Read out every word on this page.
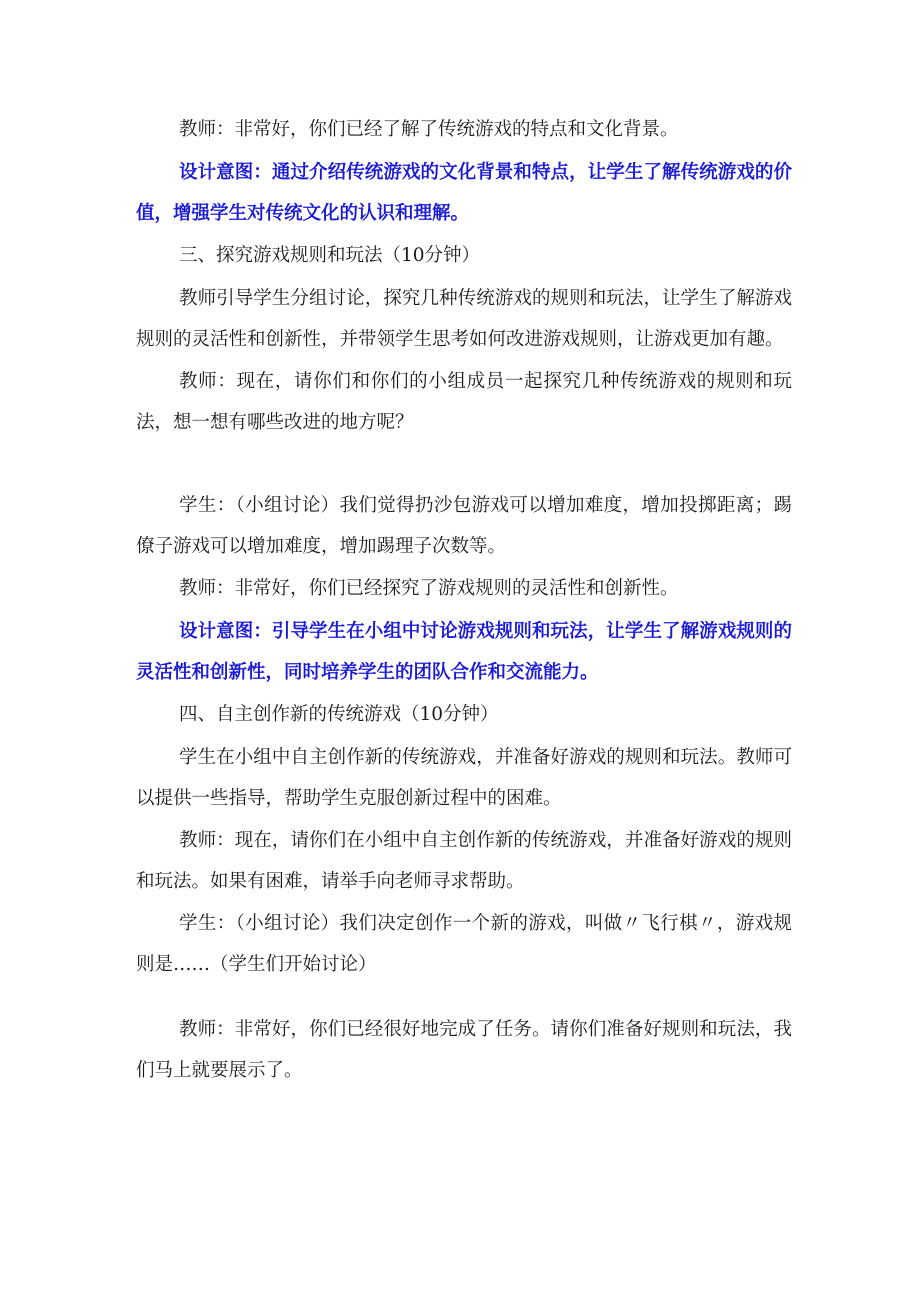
教师：非常好，你们已经了解了传统游戏的特点和文化背景。

设计意图：通过介绍传统游戏的文化背景和特点，让学生了解传统游戏的价值，增强学生对传统文化的认识和理解。

三、探究游戏规则和玩法（10分钟）

教师引导学生分组讨论，探究几种传统游戏的规则和玩法，让学生了解游戏规则的灵活性和创新性，并带领学生思考如何改进游戏规则，让游戏更加有趣。

教师：现在，请你们和你们的小组成员一起探究几种传统游戏的规则和玩法，想一想有哪些改进的地方呢？

学生：（小组讨论）我们觉得扔沙包游戏可以增加难度，增加投掷距离；踢僚子游戏可以增加难度，增加踢理子次数等。

教师：非常好，你们已经探究了游戏规则的灵活性和创新性。

设计意图：引导学生在小组中讨论游戏规则和玩法，让学生了解游戏规则的灵活性和创新性，同时培养学生的团队合作和交流能力。

四、自主创作新的传统游戏（10分钟）

学生在小组中自主创作新的传统游戏，并准备好游戏的规则和玩法。教师可以提供一些指导，帮助学生克服创新过程中的困难。

教师：现在，请你们在小组中自主创作新的传统游戏，并准备好游戏的规则和玩法。如果有困难，请举手向老师寻求帮助。

学生：（小组讨论）我们决定创作一个新的游戏，叫做〃飞行棋〃，游戏规则是……（学生们开始讨论）

教师：非常好，你们已经很好地完成了任务。请你们准备好规则和玩法，我们马上就要展示了。
